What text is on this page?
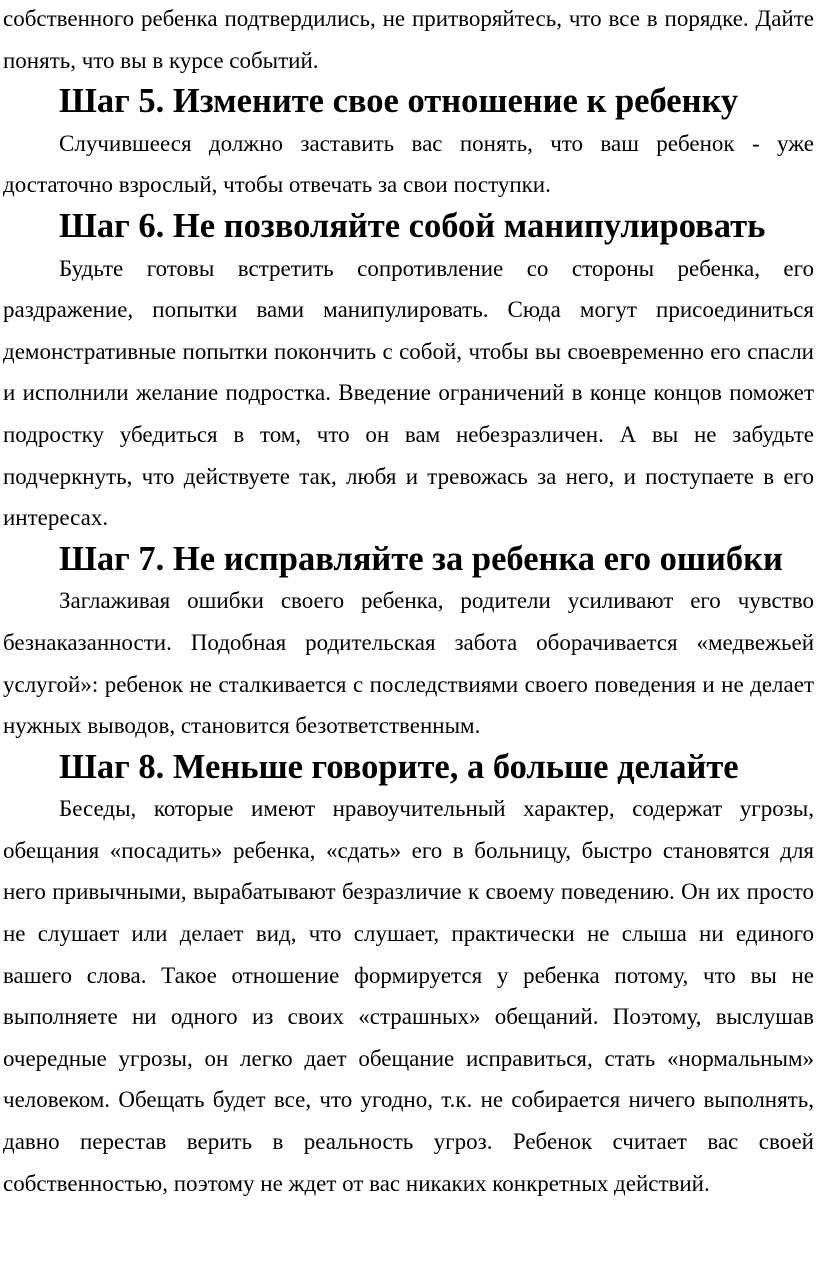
собственного ребенка подтвердились, не притворяйтесь, что все в порядке. Дайте понять, что вы в курсе событий.

Шаг 5. Измените свое отношение к ребенку

Случившееся должно заставить вас понять, что ваш ребенок - уже достаточно взрослый, чтобы отвечать за свои поступки.

Шаг 6. Не позволяйте собой манипулировать

Будьте готовы встретить сопротивление со стороны ребенка, его раздражение, попытки вами манипулировать. Сюда могут присоединиться демонстративные попытки покончить с собой, чтобы вы своевременно его спасли и исполнили желание подростка. Введение ограничений в конце концов поможет подростку убедиться в том, что он вам небезразличен. А вы не забудьте подчеркнуть, что действуете так, любя и тревожась за него, и поступаете в его интересах.

Шаг 7. Не исправляйте за ребенка его ошибки

Заглаживая ошибки своего ребенка, родители усиливают его чувство безнаказанности. Подобная родительская забота оборачивается «медвежьей услугой»: ребенок не сталкивается с последствиями своего поведения и не делает нужных выводов, становится безответственным.

Шаг 8. Меньше говорите, а больше делайте

Беседы, которые имеют нравоучительный характер, содержат угрозы, обещания «посадить» ребенка, «сдать» его в больницу, быстро становятся для него привычными, вырабатывают безразличие к своему поведению. Он их просто не слушает или делает вид, что слушает, практически не слыша ни единого вашего слова. Такое отношение формируется у ребенка потому, что вы не выполняете ни одного из своих «страшных» обещаний. Поэтому, выслушав очередные угрозы, он легко дает обещание исправиться, стать «нормальным» человеком. Обещать будет все, что угодно, т.к. не собирается ничего выполнять, давно перестав верить в реальность угроз. Ребенок считает вас своей собственностью, поэтому не ждет от вас никаких конкретных действий.
